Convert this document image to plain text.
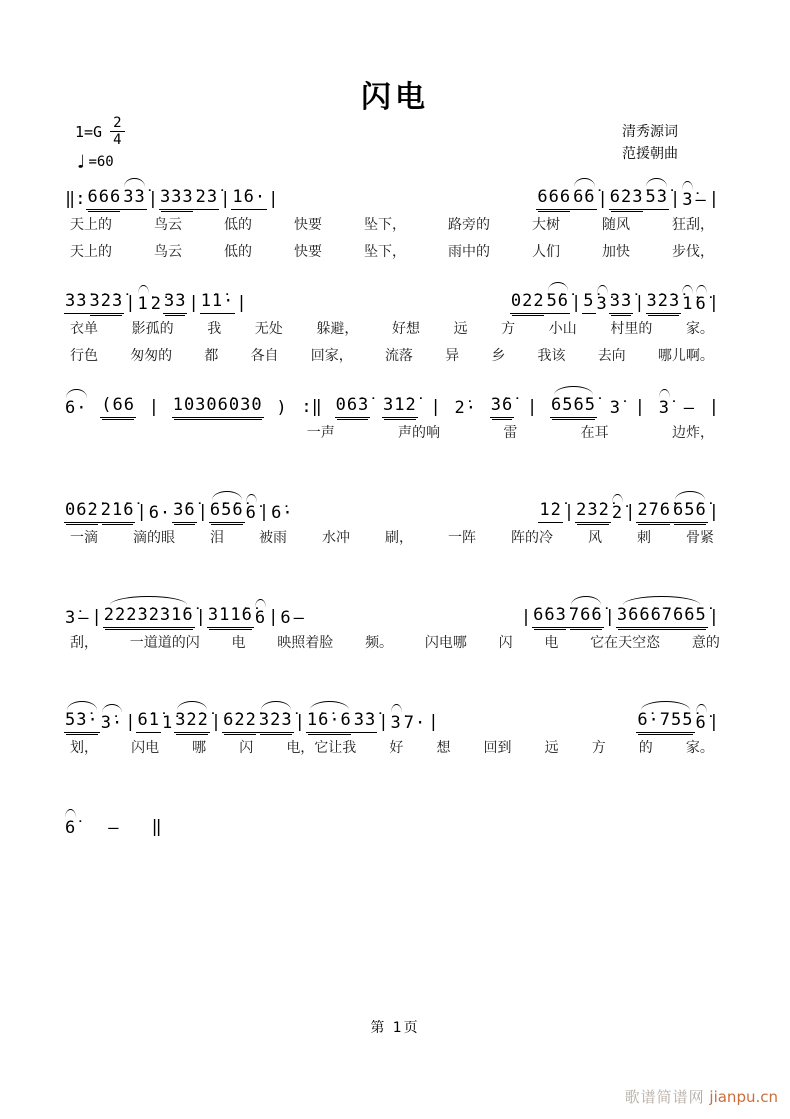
闪电
$1=G \frac{2}{4}$
♩ =60
清秀源词
范援朝曲
‖: 666 3̇3̇ | 3̇3̇3̇ 2̇3̇ | 1̇6· |	666 6̇6̇ | 6̇2̇3̇ 5̇3̇ | 3̇ – |
天上的	鸟云	低的	快要	坠下，	路旁的	大树	随风	狂刮，
天上的	鸟云	低的	快要	坠下，	雨中的	人们	加快	步伐，
3̇3̇ 3̇2̇3̇ | 1̇ 2̇ 33 | 1̇1̇· |	02̇2̇ 5̇6̇ | 5̇ 3̇ 3̇3̇ | 3̇2̇3̇ 1̇ 6̇ |
衣单 影孤的 我 无处 躲避， 好想 远 方 小山 村里的 家。
行色 匆匆的 都 各自 回家， 流落 异 乡 我该 去向 哪儿啊。
6· (66 | 1̇03̇06̇03̇0 ) :‖ 06̇3̇ 3̇1̇2̇ | 2̇· 3̇6̇ | 6̇5̇6̇5̇ 3̇ | 3̇ – |
一声	声的响	雷	在耳	边炸，
06̇2̇ 2̇1̇6̇ | 6· 3̇6̇ | 6̇5̇6̇ 6̇ | 6̇·	1̇2̇ | 2̇3̇2̇ 2̇ | 2̇76̇ 6̇5̇6̇ |
一滴	滴的眼	泪	被雨	水冲	刷，	一阵	阵的冷	风	刺	骨紧
3̇ – | 2̇2̇2̇3̇2̇3̇1̇6̇ | 3̇1̇1̇6̇ 6 | 6 –	| 6̇6̇3̇ 76̇6̇ | 3̇6̇6̇6̇7̇6̇6̇5̇ |
刮， 一道道的闪 电 映照着脸 频。 闪电哪 闪 电 它在天空恣 意的
5̇3̇· 3̇· | 6̇1̇ 1̇ 3̇2̇2̇ | 6̇2̇2̇ 3̇2̇3̇ | 1̇6̇·6 3̇3̇ | 3̇ 7· |	6̇·75̇5̇ 6̇ |
划， 闪电 哪 闪 电，它让我 好 想 回到 远 方 的 家。
6̇ – ‖
第 1页
歌谱简谱网 jianpu.cn
